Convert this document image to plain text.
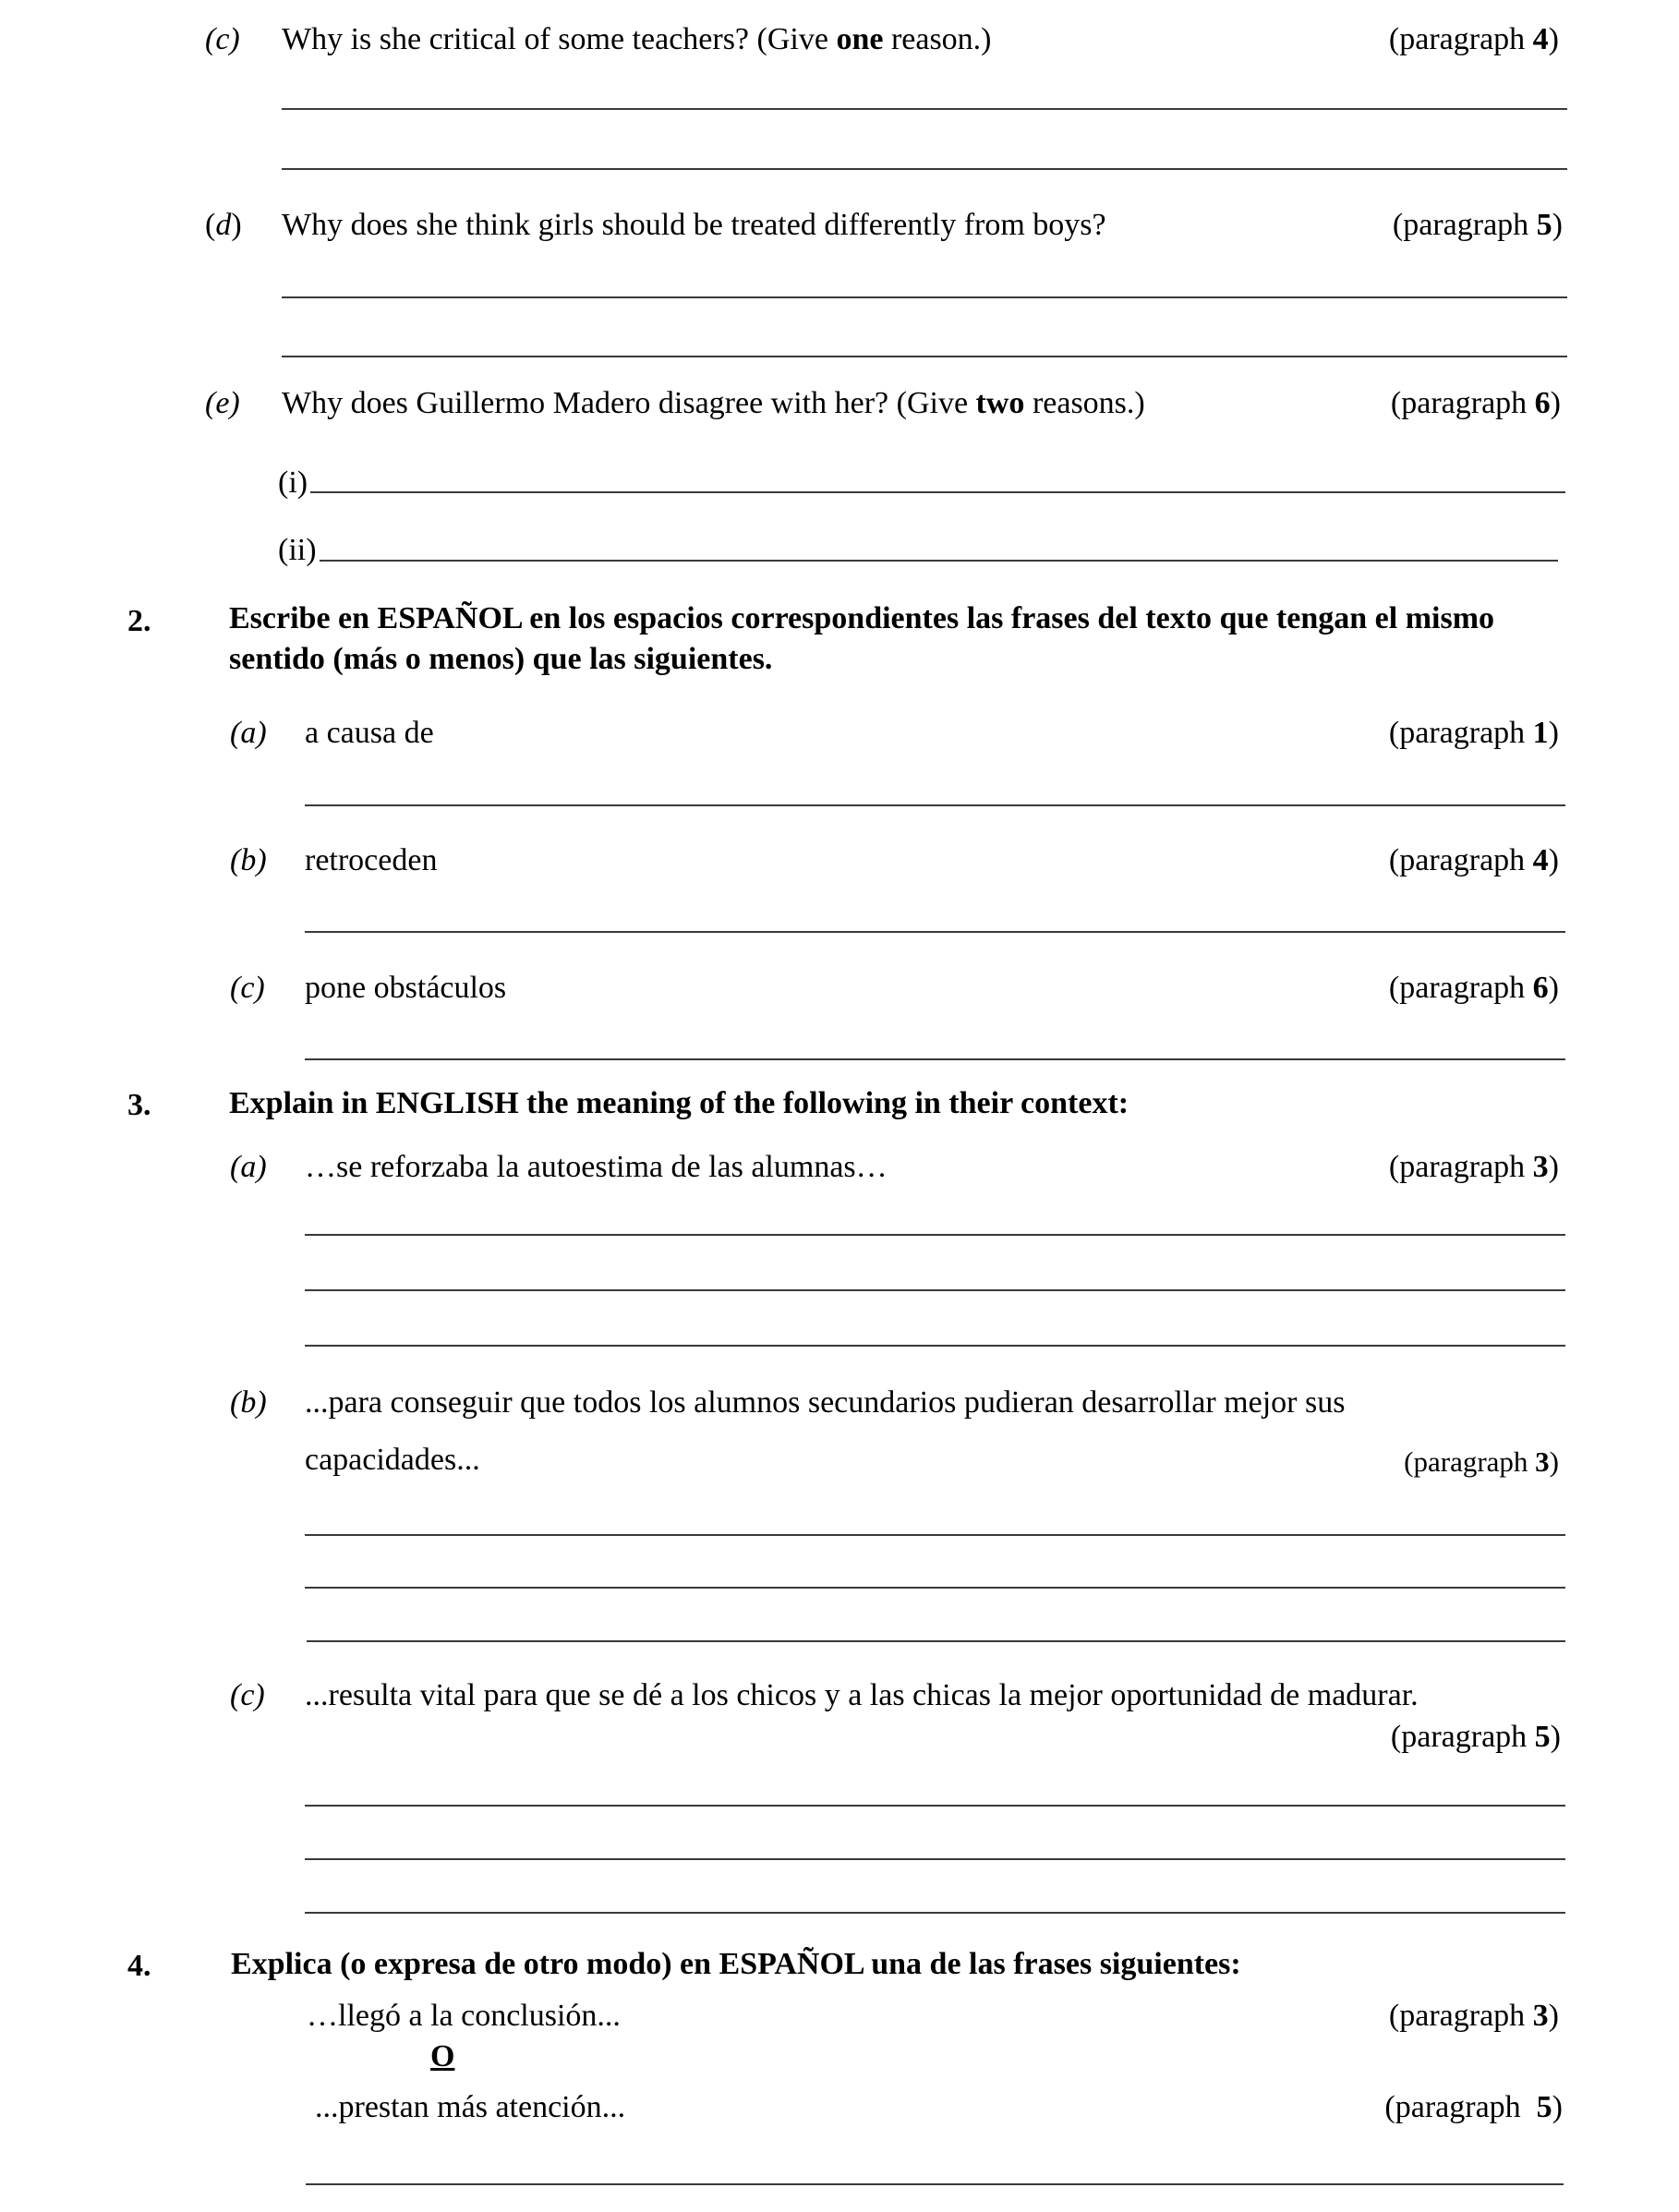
(c) Why is she critical of some teachers? (Give one reason.)	(paragraph 4)
(d) Why does she think girls should be treated differently from boys?	(paragraph 5)
(e) Why does Guillermo Madero disagree with her? (Give two reasons.)	(paragraph 6)
(i)
(ii)
2. Escribe en ESPAÑOL en los espacios correspondientes las frases del texto que tengan el mismo sentido (más o menos) que las siguientes.
(a) a causa de	(paragraph 1)
(b) retroceden	(paragraph 4)
(c) pone obstáculos	(paragraph 6)
3. Explain in ENGLISH the meaning of the following in their context:
(a) …se reforzaba la autoestima de las alumnas…	(paragraph 3)
(b) ...para conseguir que todos los alumnos secundarios pudieran desarrollar mejor sus
capacidades...	(paragraph 3)
(c) ...resulta vital para que se dé a los chicos y a las chicas la mejor oportunidad de madurar.
(paragraph 5)
4.	Explica (o expresa de otro modo) en ESPAÑOL una de las frases siguientes:
…llegó a la conclusión...	(paragraph 3)
O
...prestan más atención...	(paragraph  5)
